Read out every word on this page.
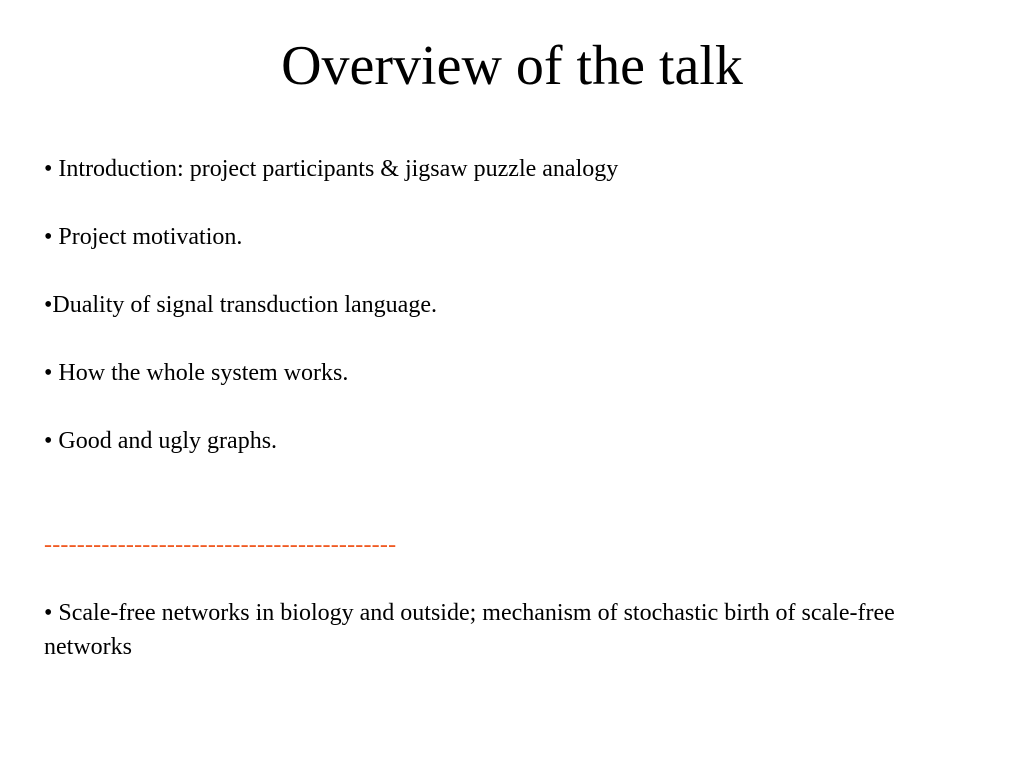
Overview of the talk

• Introduction: project participants & jigsaw puzzle analogy

• Project motivation.

•Duality of signal transduction language.

• How the whole system works.

• Good and ugly graphs.

-------------------------------------------

• Scale-free networks in biology and outside; mechanism of stochastic birth of scale-free networks
